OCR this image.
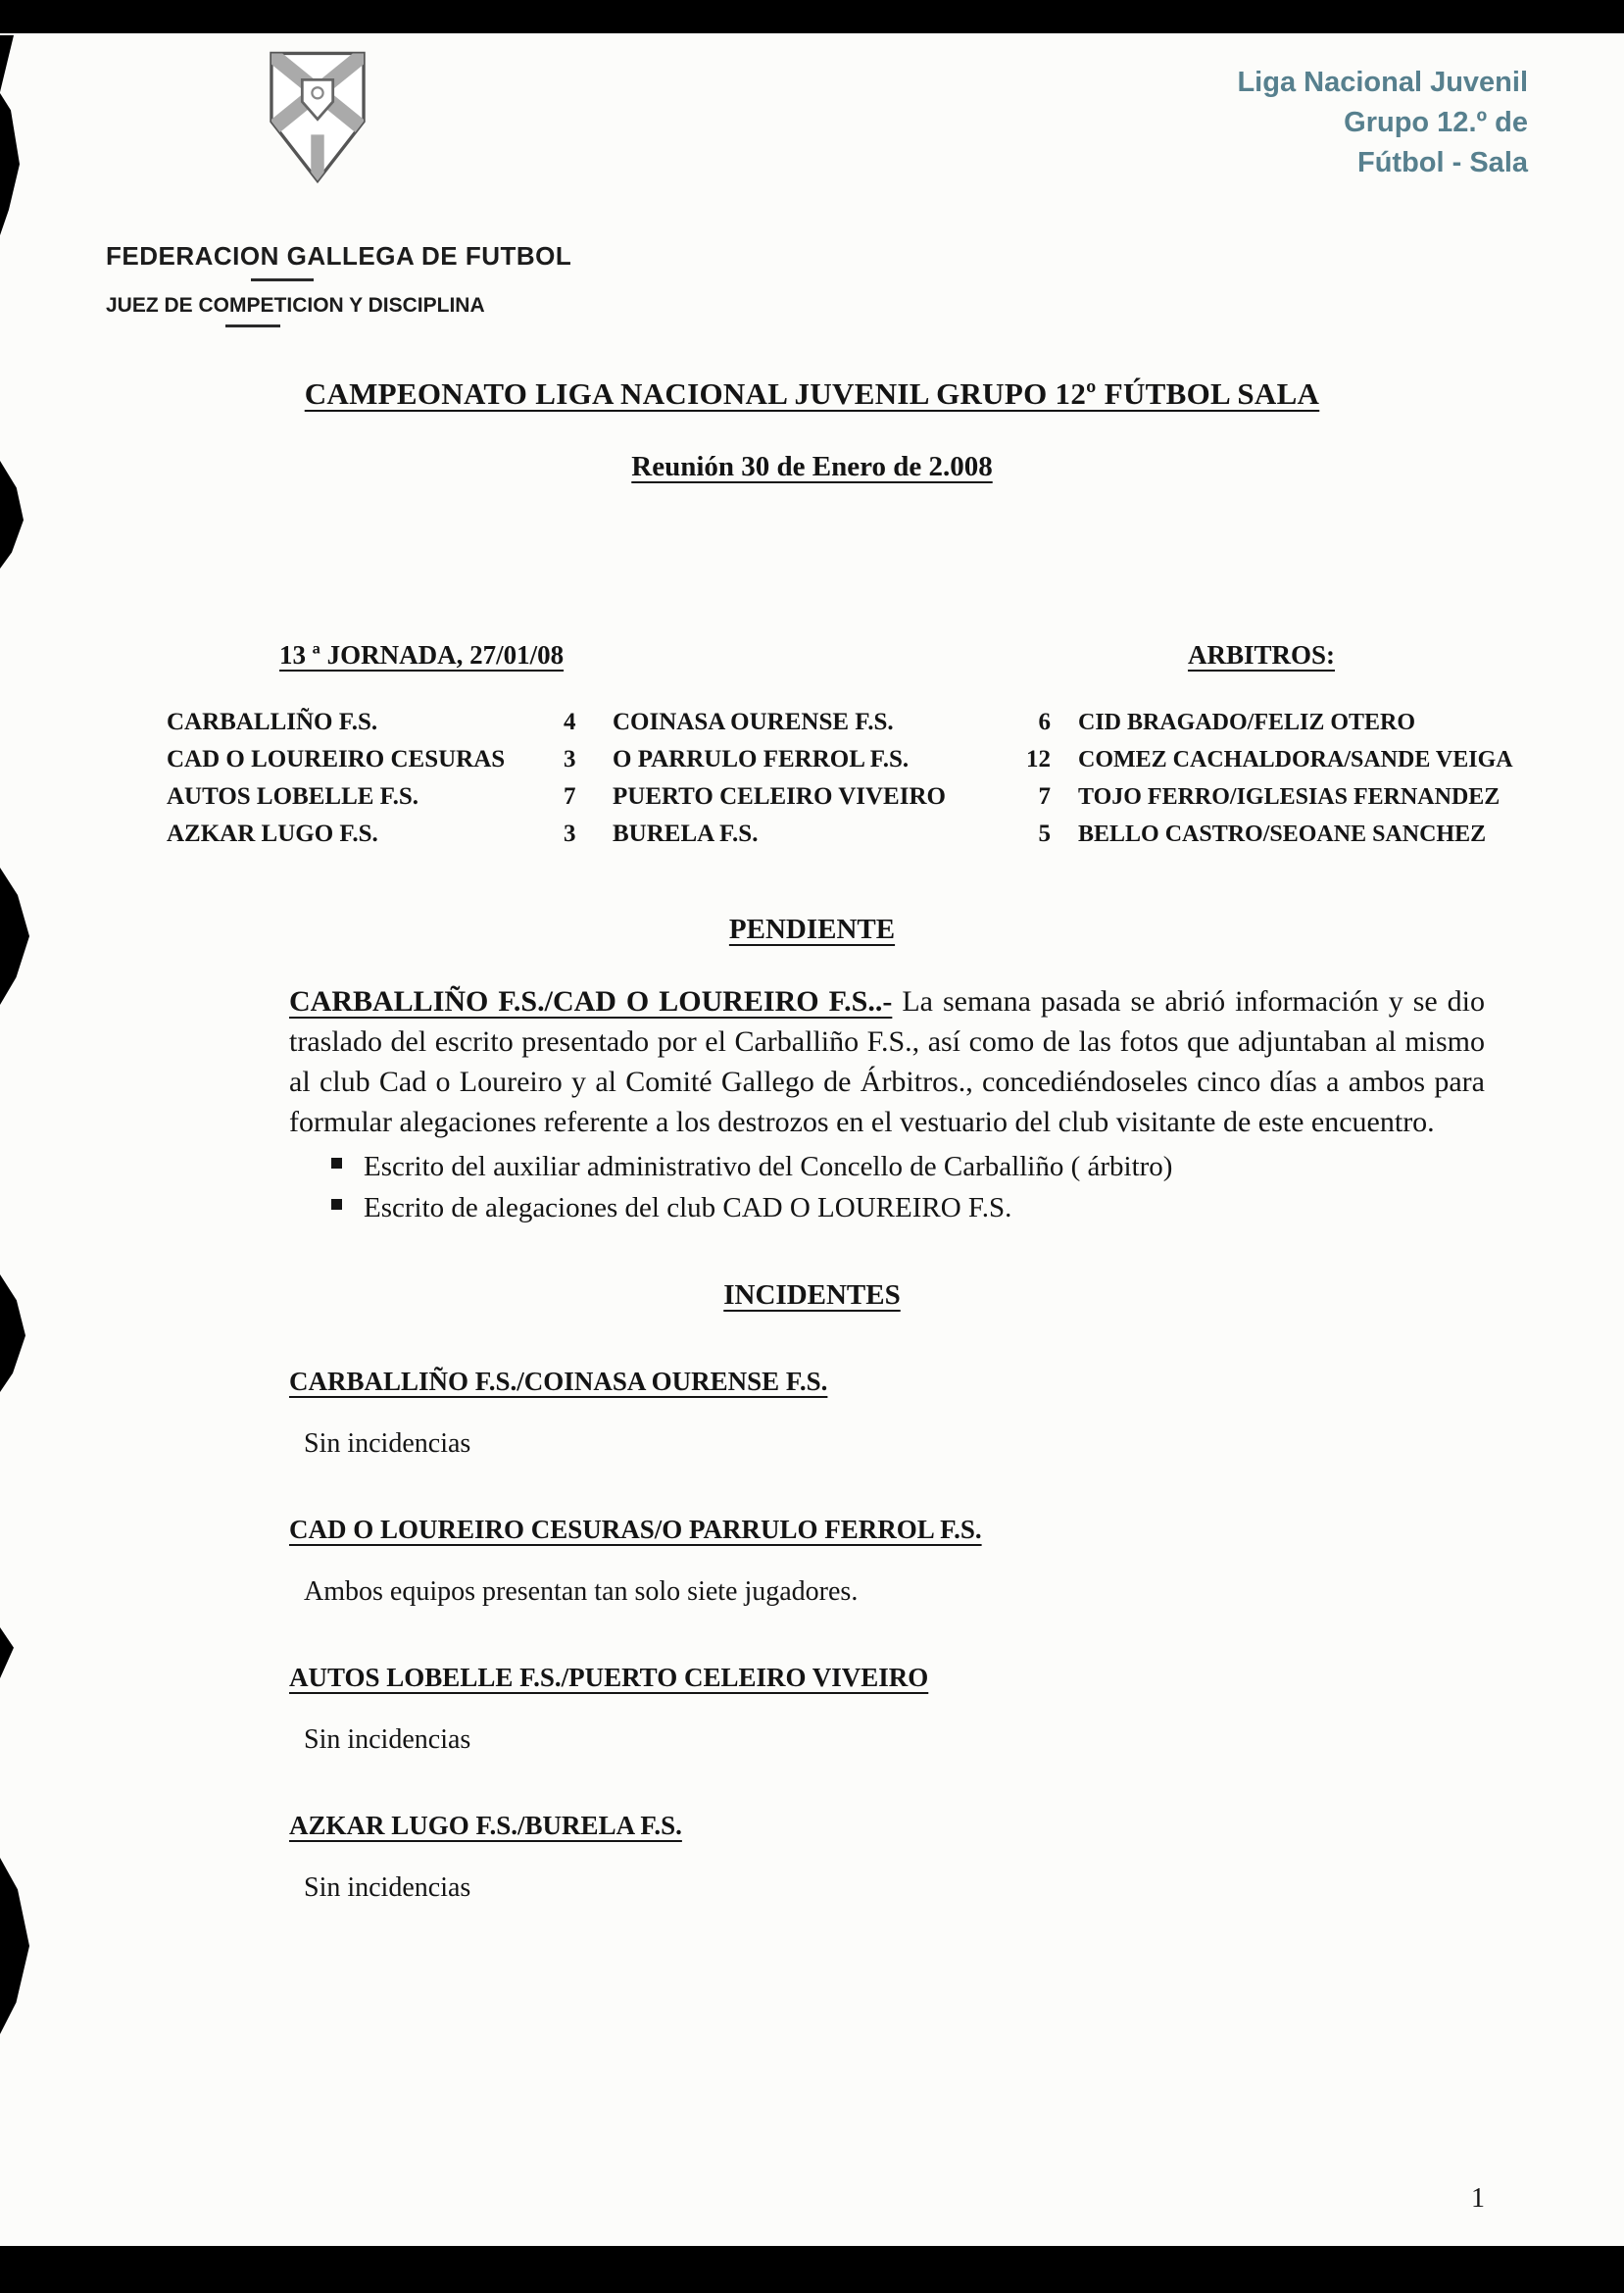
Liga Nacional Juvenil
Grupo 12.º de
Fútbol - Sala
FEDERACION GALLEGA DE FUTBOL
JUEZ DE COMPETICION Y DISCIPLINA
CAMPEONATO LIGA NACIONAL JUVENIL GRUPO 12º FÚTBOL SALA
Reunión 30 de Enero de 2.008
13 ª JORNADA, 27/01/08	ARBITROS:
CARBALLIÑO F.S.	4	COINASA OURENSE F.S.	6	CID BRAGADO/FELIZ OTERO
CAD O LOUREIRO CESURAS	3	O PARRULO FERROL F.S.	12	COMEZ CACHALDORA/SANDE VEIGA
AUTOS LOBELLE F.S.	7	PUERTO CELEIRO VIVEIRO	7	TOJO FERRO/IGLESIAS FERNANDEZ
AZKAR LUGO F.S.	3	BURELA F.S.	5	BELLO CASTRO/SEOANE SANCHEZ
PENDIENTE

CARBALLIÑO F.S./CAD O LOUREIRO F.S..- La semana pasada se abrió información y se dio traslado del escrito presentado por el Carballiño F.S., así como de las fotos que adjuntaban al mismo al club Cad o Loureiro y al Comité Gallego de Árbitros., concediéndoseles cinco días a ambos para formular alegaciones referente a los destrozos en el vestuario del club visitante de este encuentro.

Escrito del auxiliar administrativo del Concello de Carballiño ( árbitro)
Escrito de alegaciones del club CAD O LOUREIRO F.S.
INCIDENTES
CARBALLIÑO F.S./COINASA OURENSE F.S.
Sin incidencias
CAD O LOUREIRO CESURAS/O PARRULO FERROL F.S.
Ambos equipos presentan tan solo siete jugadores.
AUTOS LOBELLE F.S./PUERTO CELEIRO VIVEIRO
Sin incidencias
AZKAR LUGO F.S./BURELA F.S.
Sin incidencias
1
